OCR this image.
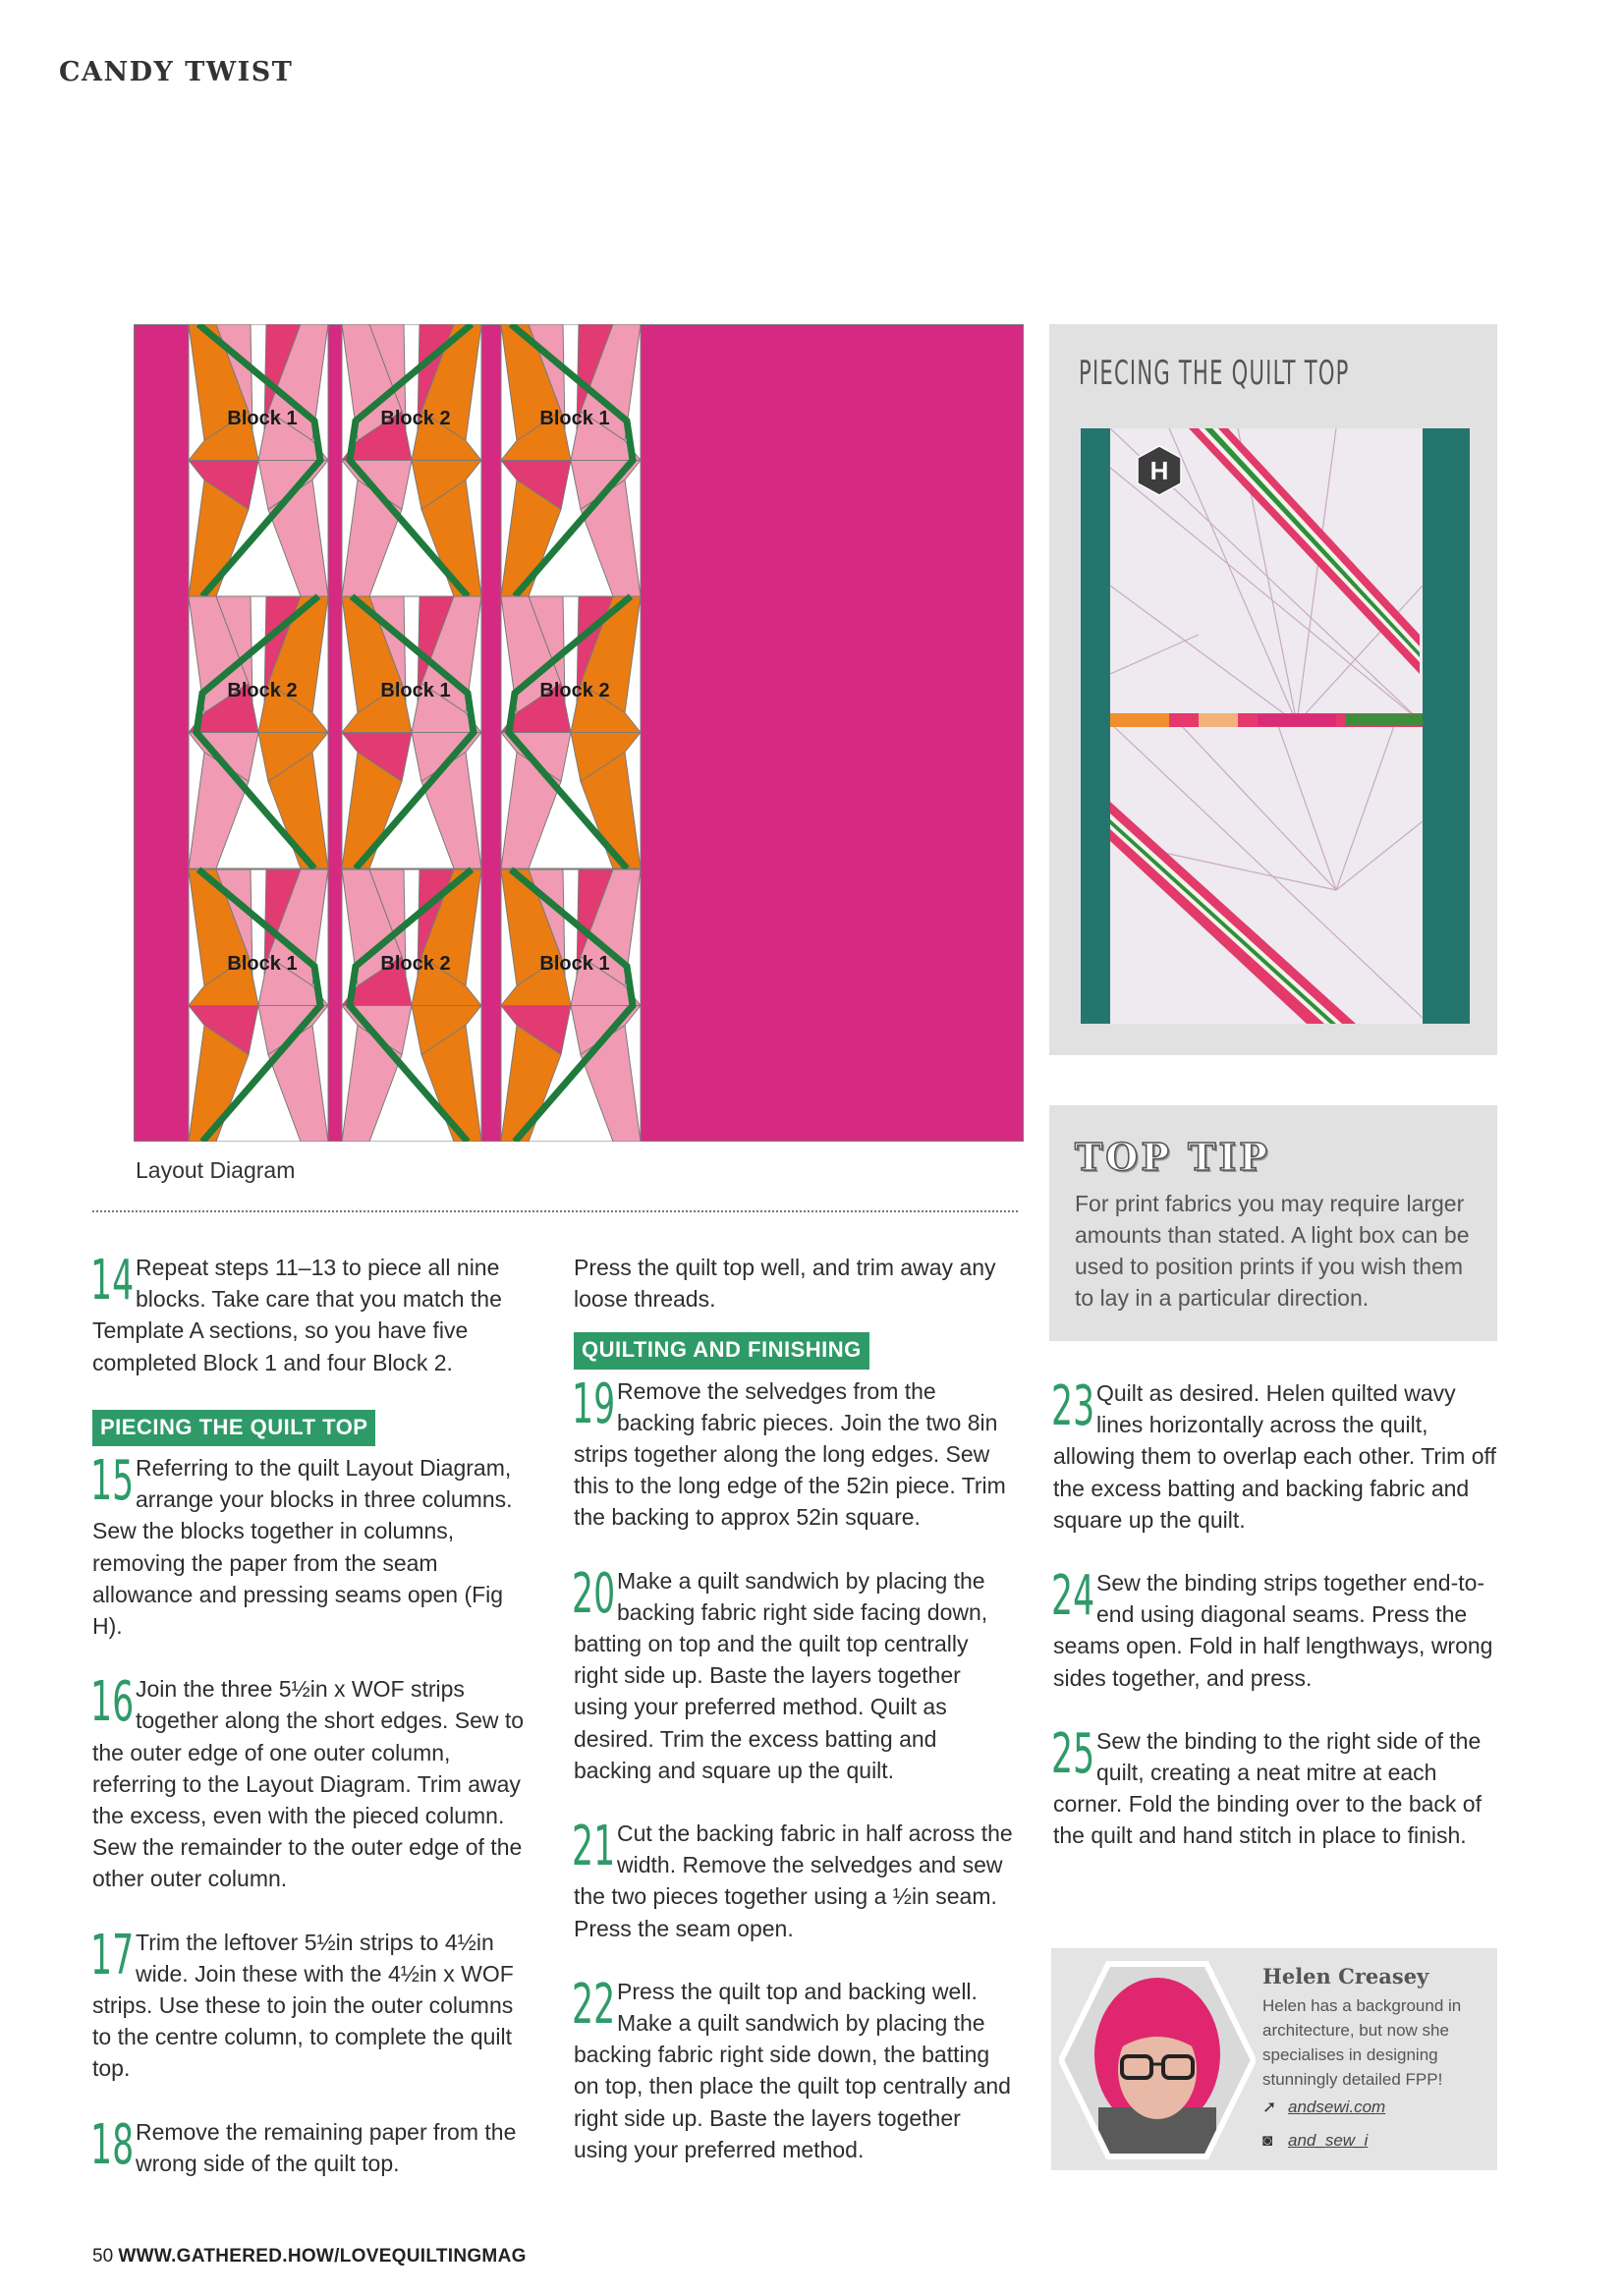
CANDY TWIST
Block 1	Block 2	Block 1
Block 2	Block 1	Block 2
Block 1	Block 2	Block 1
Layout Diagram
PIECING THE QUILT TOP
H
TOP TIP
For print fabrics you may require larger amounts than stated. A light box can be used to position prints if you wish them to lay in a particular direction.

14 Repeat steps 11–13 to piece all nine blocks. Take care that you match the Template A sections, so you have five completed Block 1 and four Block 2.

PIECING THE QUILT TOP

15 Referring to the quilt Layout Diagram, arrange your blocks in three columns. Sew the blocks together in columns, removing the paper from the seam allowance and pressing seams open (Fig H).

16 Join the three 5½in x WOF strips together along the short edges. Sew to the outer edge of one outer column, referring to the Layout Diagram. Trim away the excess, even with the pieced column. Sew the remainder to the outer edge of the other outer column.

17 Trim the leftover 5½in strips to 4½in wide. Join these with the 4½in x WOF strips. Use these to join the outer columns to the centre column, to complete the quilt top.

18 Remove the remaining paper from the wrong side of the quilt top.

Press the quilt top well, and trim away any loose threads.

QUILTING AND FINISHING

19 Remove the selvedges from the backing fabric pieces. Join the two 8in strips together along the long edges. Sew this to the long edge of the 52in piece. Trim the backing to approx 52in square.

20 Make a quilt sandwich by placing the backing fabric right side facing down, batting on top and the quilt top centrally right side up. Baste the layers together using your preferred method. Quilt as desired. Trim the excess batting and backing and square up the quilt.

21 Cut the backing fabric in half across the width. Remove the selvedges and sew the two pieces together using a ½in seam. Press the seam open.

22 Press the quilt top and backing well. Make a quilt sandwich by placing the backing fabric right side down, the batting on top, then place the quilt top centrally and right side up. Baste the layers together using your preferred method.

23 Quilt as desired. Helen quilted wavy lines horizontally across the quilt, allowing them to overlap each other. Trim off the excess batting and backing fabric and square up the quilt.

24 Sew the binding strips together end-to-end using diagonal seams. Press the seams open. Fold in half lengthways, wrong sides together, and press.

25 Sew the binding to the right side of the quilt, creating a neat mitre at each corner. Fold the binding over to the back of the quilt and hand stitch in place to finish.

Helen Creasey
Helen has a background in architecture, but now she specialises in designing stunningly detailed FPP!
➚ andsewi.com
◙ and_sew_i
50 WWW.GATHERED.HOW/LOVEQUILTINGMAG
